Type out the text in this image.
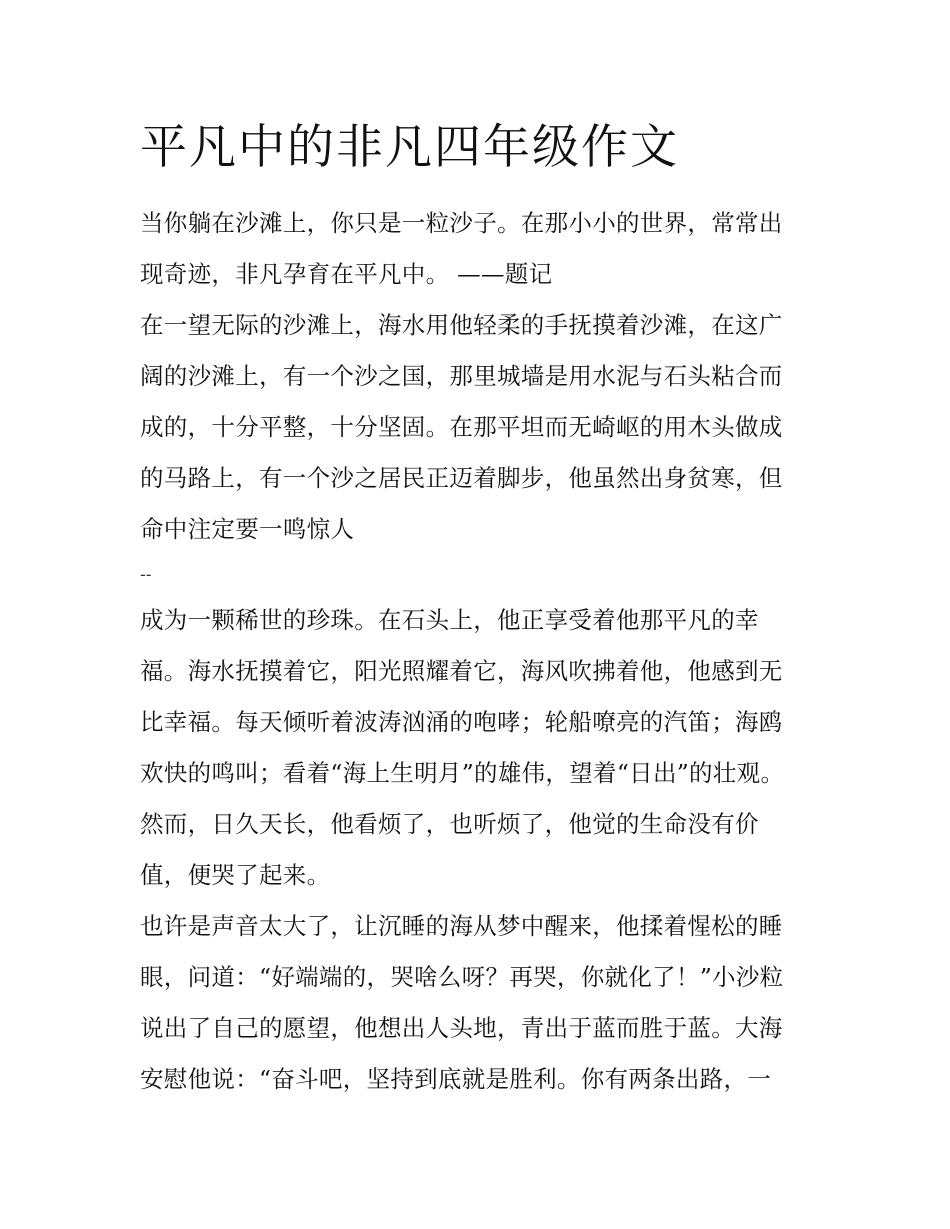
平凡中的非凡四年级作文

当你躺在沙滩上，你只是一粒沙子。在那小小的世界，常常出
现奇迹，非凡孕育在平凡中。 ——题记

在一望无际的沙滩上，海水用他轻柔的手抚摸着沙滩，在这广
阔的沙滩上，有一个沙之国，那里城墙是用水泥与石头粘合而
成的，十分平整，十分坚固。在那平坦而无崎岖的用木头做成
的马路上，有一个沙之居民正迈着脚步，他虽然出身贫寒，但
命中注定要一鸣惊人

--

成为一颗稀世的珍珠。在石头上，他正享受着他那平凡的幸
福。海水抚摸着它，阳光照耀着它，海风吹拂着他，他感到无
比幸福。每天倾听着波涛汹涌的咆哮；轮船嘹亮的汽笛；海鸥
欢快的鸣叫；看着“海上生明月”的雄伟，望着“日出”的壮观。
然而，日久天长，他看烦了，也听烦了，他觉的生命没有价
值，便哭了起来。

也许是声音太大了，让沉睡的海从梦中醒来，他揉着惺松的睡
眼，问道：“好端端的，哭啥么呀？再哭，你就化了！”小沙粒
说出了自己的愿望，他想出人头地，青出于蓝而胜于蓝。大海
安慰他说：“奋斗吧，坚持到底就是胜利。你有两条出路，一
